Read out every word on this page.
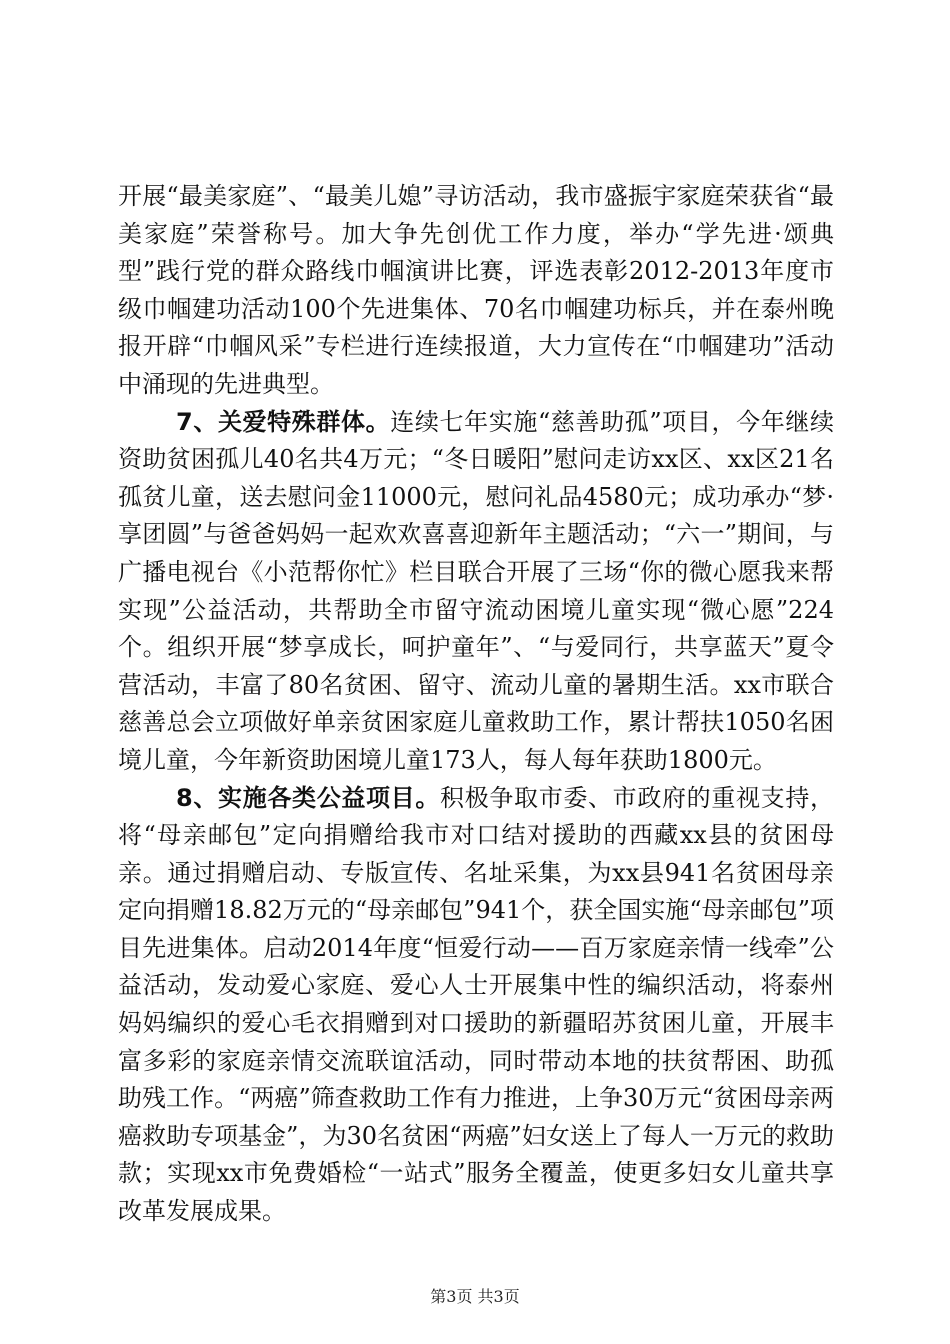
开展“最美家庭”、“最美儿媳”寻访活动，我市盛振宇家庭荣获省“最美家庭”荣誉称号。加大争先创优工作力度，举办“学先进·颂典型”践行党的群众路线巾帼演讲比赛，评选表彰2012-2013年度市级巾帼建功活动100个先进集体、70名巾帼建功标兵，并在泰州晚报开辟“巾帼风采”专栏进行连续报道，大力宣传在“巾帼建功”活动中涌现的先进典型。

7、关爱特殊群体。连续七年实施“慈善助孤”项目，今年继续资助贫困孤儿40名共4万元；“冬日暖阳”慰问走访xx区、xx区21名孤贫儿童，送去慰问金11000元，慰问礼品4580元；成功承办“梦·享团圆”与爸爸妈妈一起欢欢喜喜迎新年主题活动；“六一”期间，与广播电视台《小范帮你忙》栏目联合开展了三场“你的微心愿我来帮实现”公益活动，共帮助全市留守流动困境儿童实现“微心愿”224个。组织开展“梦享成长，呵护童年”、“与爱同行，共享蓝天”夏令营活动，丰富了80名贫困、留守、流动儿童的暑期生活。xx市联合慈善总会立项做好单亲贫困家庭儿童救助工作，累计帮扶1050名困境儿童，今年新资助困境儿童173人，每人每年获助1800元。

8、实施各类公益项目。积极争取市委、市政府的重视支持，将“母亲邮包”定向捐赠给我市对口结对援助的西藏xx县的贫困母亲。通过捐赠启动、专版宣传、名址采集，为xx县941名贫困母亲定向捐赠18.82万元的“母亲邮包”941个，获全国实施“母亲邮包”项目先进集体。启动2014年度“恒爱行动——百万家庭亲情一线牵”公益活动，发动爱心家庭、爱心人士开展集中性的编织活动，将泰州妈妈编织的爱心毛衣捐赠到对口援助的新疆昭苏贫困儿童，开展丰富多彩的家庭亲情交流联谊活动，同时带动本地的扶贫帮困、助孤助残工作。“两癌”筛查救助工作有力推进，上争30万元“贫困母亲两癌救助专项基金”，为30名贫困“两癌”妇女送上了每人一万元的救助款；实现xx市免费婚检“一站式”服务全覆盖，使更多妇女儿童共享改革发展成果。

第3页 共3页
